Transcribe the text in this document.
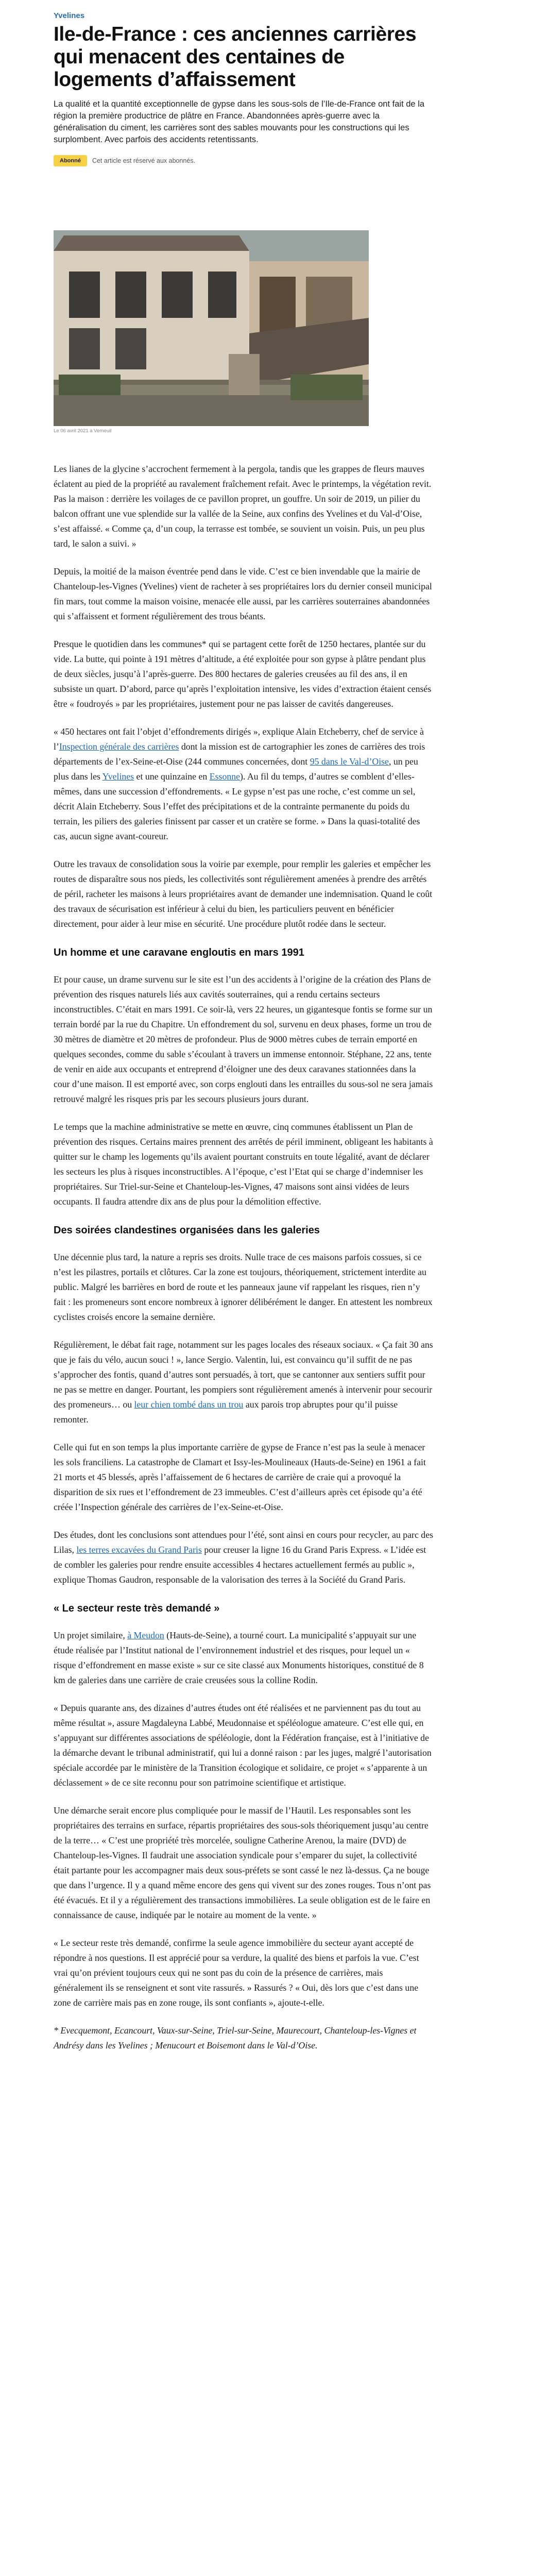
Yvelines
Ile-de-France : ces anciennes carrières qui menacent des centaines de logements d’affaissement

La qualité et la quantité exceptionnelle de gypse dans les sous-sols de l’Ile-de-France ont fait de la région la première productrice de plâtre en France. Abandonnées après-guerre avec la généralisation du ciment, les carrières sont des sables mouvants pour les constructions qui les surplombent. Avec parfois des accidents retentissants.

Abonné	Cet article est réservé aux abonnés.
Le 06 avril 2021 à Verneuil

Les lianes de la glycine s’accrochent fermement à la pergola, tandis que les grappes de fleurs mauves éclatent au pied de la propriété au ravalement fraîchement refait. Avec le printemps, la végétation revit. Pas la maison : derrière les voilages de ce pavillon propret, un gouffre. Un soir de 2019, un pilier du balcon offrant une vue splendide sur la vallée de la Seine, aux confins des Yvelines et du Val-d’Oise, s’est affaissé. « Comme ça, d’un coup, la terrasse est tombée, se souvient un voisin. Puis, un peu plus tard, le salon a suivi. »

Depuis, la moitié de la maison éventrée pend dans le vide. C’est ce bien invendable que la mairie de Chanteloup-les-Vignes (Yvelines) vient de racheter à ses propriétaires lors du dernier conseil municipal fin mars, tout comme la maison voisine, menacée elle aussi, par les carrières souterraines abandonnées qui s’affaissent et forment régulièrement des trous béants.

Presque le quotidien dans les communes* qui se partagent cette forêt de 1250 hectares, plantée sur du vide. La butte, qui pointe à 191 mètres d’altitude, a été exploitée pour son gypse à plâtre pendant plus de deux siècles, jusqu’à l’après-guerre. Des 800 hectares de galeries creusées au fil des ans, il en subsiste un quart. D’abord, parce qu’après l’exploitation intensive, les vides d’extraction étaient censés être « foudroyés » par les propriétaires, justement pour ne pas laisser de cavités dangereuses.

« 450 hectares ont fait l’objet d’effondrements dirigés », explique Alain Etcheberry, chef de service à l’Inspection générale des carrières dont la mission est de cartographier les zones de carrières des trois départements de l’ex-Seine-et-Oise (244 communes concernées, dont 95 dans le Val-d’Oise, un peu plus dans les Yvelines et une quinzaine en Essonne). Au fil du temps, d’autres se comblent d’elles-mêmes, dans une succession d’effondrements. « Le gypse n’est pas une roche, c’est comme un sel, décrit Alain Etcheberry. Sous l’effet des précipitations et de la contrainte permanente du poids du terrain, les piliers des galeries finissent par casser et un cratère se forme. » Dans la quasi-totalité des cas, aucun signe avant-coureur.

Outre les travaux de consolidation sous la voirie par exemple, pour remplir les galeries et empêcher les routes de disparaître sous nos pieds, les collectivités sont régulièrement amenées à prendre des arrêtés de péril, racheter les maisons à leurs propriétaires avant de demander une indemnisation. Quand le coût des travaux de sécurisation est inférieur à celui du bien, les particuliers peuvent en bénéficier directement, pour aider à leur mise en sécurité. Une procédure plutôt rodée dans le secteur.

Un homme et une caravane engloutis en mars 1991

Et pour cause, un drame survenu sur le site est l’un des accidents à l’origine de la création des Plans de prévention des risques naturels liés aux cavités souterraines, qui a rendu certains secteurs inconstructibles. C’était en mars 1991. Ce soir-là, vers 22 heures, un gigantesque fontis se forme sur un terrain bordé par la rue du Chapitre. Un effondrement du sol, survenu en deux phases, forme un trou de 30 mètres de diamètre et 20 mètres de profondeur. Plus de 9000 mètres cubes de terrain emporté en quelques secondes, comme du sable s’écoulant à travers un immense entonnoir. Stéphane, 22 ans, tente de venir en aide aux occupants et entreprend d’éloigner une des deux caravanes stationnées dans la cour d’une maison. Il est emporté avec, son corps englouti dans les entrailles du sous-sol ne sera jamais retrouvé malgré les risques pris par les secours plusieurs jours durant.

Le temps que la machine administrative se mette en œuvre, cinq communes établissent un Plan de prévention des risques. Certains maires prennent des arrêtés de péril imminent, obligeant les habitants à quitter sur le champ les logements qu’ils avaient pourtant construits en toute légalité, avant de déclarer les secteurs les plus à risques inconstructibles. A l’époque, c’est l’Etat qui se charge d’indemniser les propriétaires. Sur Triel-sur-Seine et Chanteloup-les-Vignes, 47 maisons sont ainsi vidées de leurs occupants. Il faudra attendre dix ans de plus pour la démolition effective.

Des soirées clandestines organisées dans les galeries

Une décennie plus tard, la nature a repris ses droits. Nulle trace de ces maisons parfois cossues, si ce n’est les pilastres, portails et clôtures. Car la zone est toujours, théoriquement, strictement interdite au public. Malgré les barrières en bord de route et les panneaux jaune vif rappelant les risques, rien n’y fait : les promeneurs sont encore nombreux à ignorer délibérément le danger. En attestent les nombreux cyclistes croisés encore la semaine dernière.

Régulièrement, le débat fait rage, notamment sur les pages locales des réseaux sociaux. « Ça fait 30 ans que je fais du vélo, aucun souci ! », lance Sergio. Valentin, lui, est convaincu qu’il suffit de ne pas s’approcher des fontis, quand d’autres sont persuadés, à tort, que se cantonner aux sentiers suffit pour ne pas se mettre en danger. Pourtant, les pompiers sont régulièrement amenés à intervenir pour secourir des promeneurs… ou leur chien tombé dans un trou aux parois trop abruptes pour qu’il puisse remonter.

Celle qui fut en son temps la plus importante carrière de gypse de France n’est pas la seule à menacer les sols franciliens. La catastrophe de Clamart et Issy-les-Moulineaux (Hauts-de-Seine) en 1961 a fait 21 morts et 45 blessés, après l’affaissement de 6 hectares de carrière de craie qui a provoqué la disparition de six rues et l’effondrement de 23 immeubles. C’est d’ailleurs après cet épisode qu’a été créée l’Inspection générale des carrières de l’ex-Seine-et-Oise.

Des études, dont les conclusions sont attendues pour l’été, sont ainsi en cours pour recycler, au parc des Lilas, les terres excavées du Grand Paris pour creuser la ligne 16 du Grand Paris Express. « L’idée est de combler les galeries pour rendre ensuite accessibles 4 hectares actuellement fermés au public », explique Thomas Gaudron, responsable de la valorisation des terres à la Société du Grand Paris.

« Le secteur reste très demandé »

Un projet similaire, à Meudon (Hauts-de-Seine), a tourné court. La municipalité s’appuyait sur une étude réalisée par l’Institut national de l’environnement industriel et des risques, pour lequel un « risque d’effondrement en masse existe » sur ce site classé aux Monuments historiques, constitué de 8 km de galeries dans une carrière de craie creusées sous la colline Rodin.

« Depuis quarante ans, des dizaines d’autres études ont été réalisées et ne parviennent pas du tout au même résultat », assure Magdaleyna Labbé, Meudonnaise et spéléologue amateure. C’est elle qui, en s’appuyant sur différentes associations de spéléologie, dont la Fédération française, est à l’initiative de la démarche devant le tribunal administratif, qui lui a donné raison : par les juges, malgré l’autorisation spéciale accordée par le ministère de la Transition écologique et solidaire, ce projet « s’apparente à un déclassement » de ce site reconnu pour son patrimoine scientifique et artistique.

Une démarche serait encore plus compliquée pour le massif de l’Hautil. Les responsables sont les propriétaires des terrains en surface, répartis propriétaires des sous-sols théoriquement jusqu’au centre de la terre… « C’est une propriété très morcelée, souligne Catherine Arenou, la maire (DVD) de Chanteloup-les-Vignes. Il faudrait une association syndicale pour s’emparer du sujet, la collectivité était partante pour les accompagner mais deux sous-préfets se sont cassé le nez là-dessus. Ça ne bouge que dans l’urgence. Il y a quand même encore des gens qui vivent sur des zones rouges. Tous n’ont pas été évacués. Et il y a régulièrement des transactions immobilières. La seule obligation est de le faire en connaissance de cause, indiquée par le notaire au moment de la vente. »

« Le secteur reste très demandé, confirme la seule agence immobilière du secteur ayant accepté de répondre à nos questions. Il est apprécié pour sa verdure, la qualité des biens et parfois la vue. C’est vrai qu’on prévient toujours ceux qui ne sont pas du coin de la présence de carrières, mais généralement ils se renseignent et sont vite rassurés. » Rassurés ? « Oui, dès lors que c’est dans une zone de carrière mais pas en zone rouge, ils sont confiants », ajoute-t-elle.

* Evecquemont, Ecancourt, Vaux-sur-Seine, Triel-sur-Seine, Maurecourt, Chanteloup-les-Vignes et Andrésy dans les Yvelines ; Menucourt et Boisemont dans le Val-d’Oise.
